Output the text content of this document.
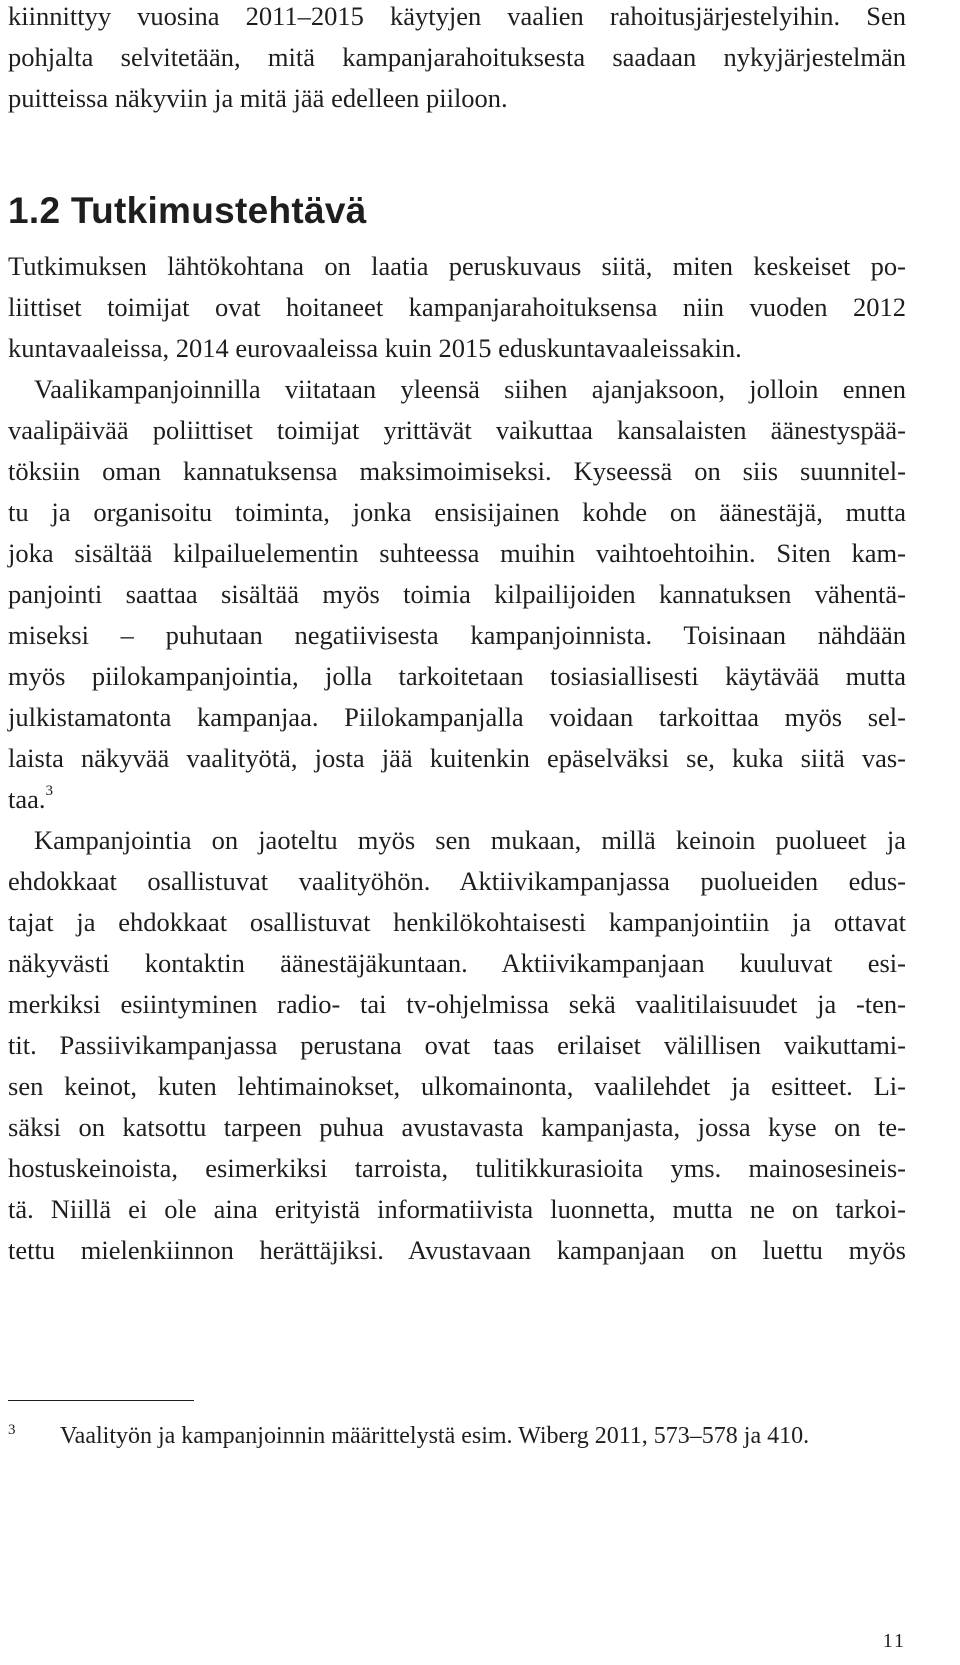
kiinnittyy vuosina 2011–2015 käytyjen vaalien rahoitusjärjestelyihin. Sen
pohjalta selvitetään, mitä kampanjarahoituksesta saadaan nykyjärjestelmän
puitteissa näkyviin ja mitä jää edelleen piiloon.
1.2 Tutkimustehtävä
Tutkimuksen lähtökohtana on laatia peruskuvaus siitä, miten keskeiset po-
liittiset toimijat ovat hoitaneet kampanjarahoituksensa niin vuoden 2012
kuntavaaleissa, 2014 eurovaaleissa kuin 2015 eduskuntavaaleissakin.
Vaalikampanjoinnilla viitataan yleensä siihen ajanjaksoon, jolloin ennen
vaalipäivää poliittiset toimijat yrittävät vaikuttaa kansalaisten äänestyspää-
töksiin oman kannatuksensa maksimoimiseksi. Kyseessä on siis suunnitel-
tu ja organisoitu toiminta, jonka ensisijainen kohde on äänestäjä, mutta
joka sisältää kilpailuelementin suhteessa muihin vaihtoehtoihin. Siten kam-
panjointi saattaa sisältää myös toimia kilpailijoiden kannatuksen vähentä-
miseksi – puhutaan negatiivisesta kampanjoinnista. Toisinaan nähdään
myös piilokampanjointia, jolla tarkoitetaan tosiasiallisesti käytävää mutta
julkistamatonta kampanjaa. Piilokampanjalla voidaan tarkoittaa myös sel-
laista näkyvää vaalityötä, josta jää kuitenkin epäselväksi se, kuka siitä vas-
taa.$^3$
Kampanjointia on jaoteltu myös sen mukaan, millä keinoin puolueet ja
ehdokkaat osallistuvat vaalityöhön. Aktiivikampanjassa puolueiden edus-
tajat ja ehdokkaat osallistuvat henkilökohtaisesti kampanjointiin ja ottavat
näkyvästi kontaktin äänestäjäkuntaan. Aktiivikampanjaan kuuluvat esi-
merkiksi esiintyminen radio- tai tv-ohjelmissa sekä vaalitilaisuudet ja -ten-
tit. Passiivikampanjassa perustana ovat taas erilaiset välillisen vaikuttami-
sen keinot, kuten lehtimainokset, ulkomainonta, vaalilehdet ja esitteet. Li-
säksi on katsottu tarpeen puhua avustavasta kampanjasta, jossa kyse on te-
hostuskeinoista, esimerkiksi tarroista, tulitikkurasioita yms. mainosesineis-
tä. Niillä ei ole aina erityistä informatiivista luonnetta, mutta ne on tarkoi-
tettu mielenkiinnon herättäjiksi. Avustavaan kampanjaan on luettu myös
3 Vaalityön ja kampanjoinnin määrittelystä esim. Wiberg 2011, 573–578 ja 410.
11
